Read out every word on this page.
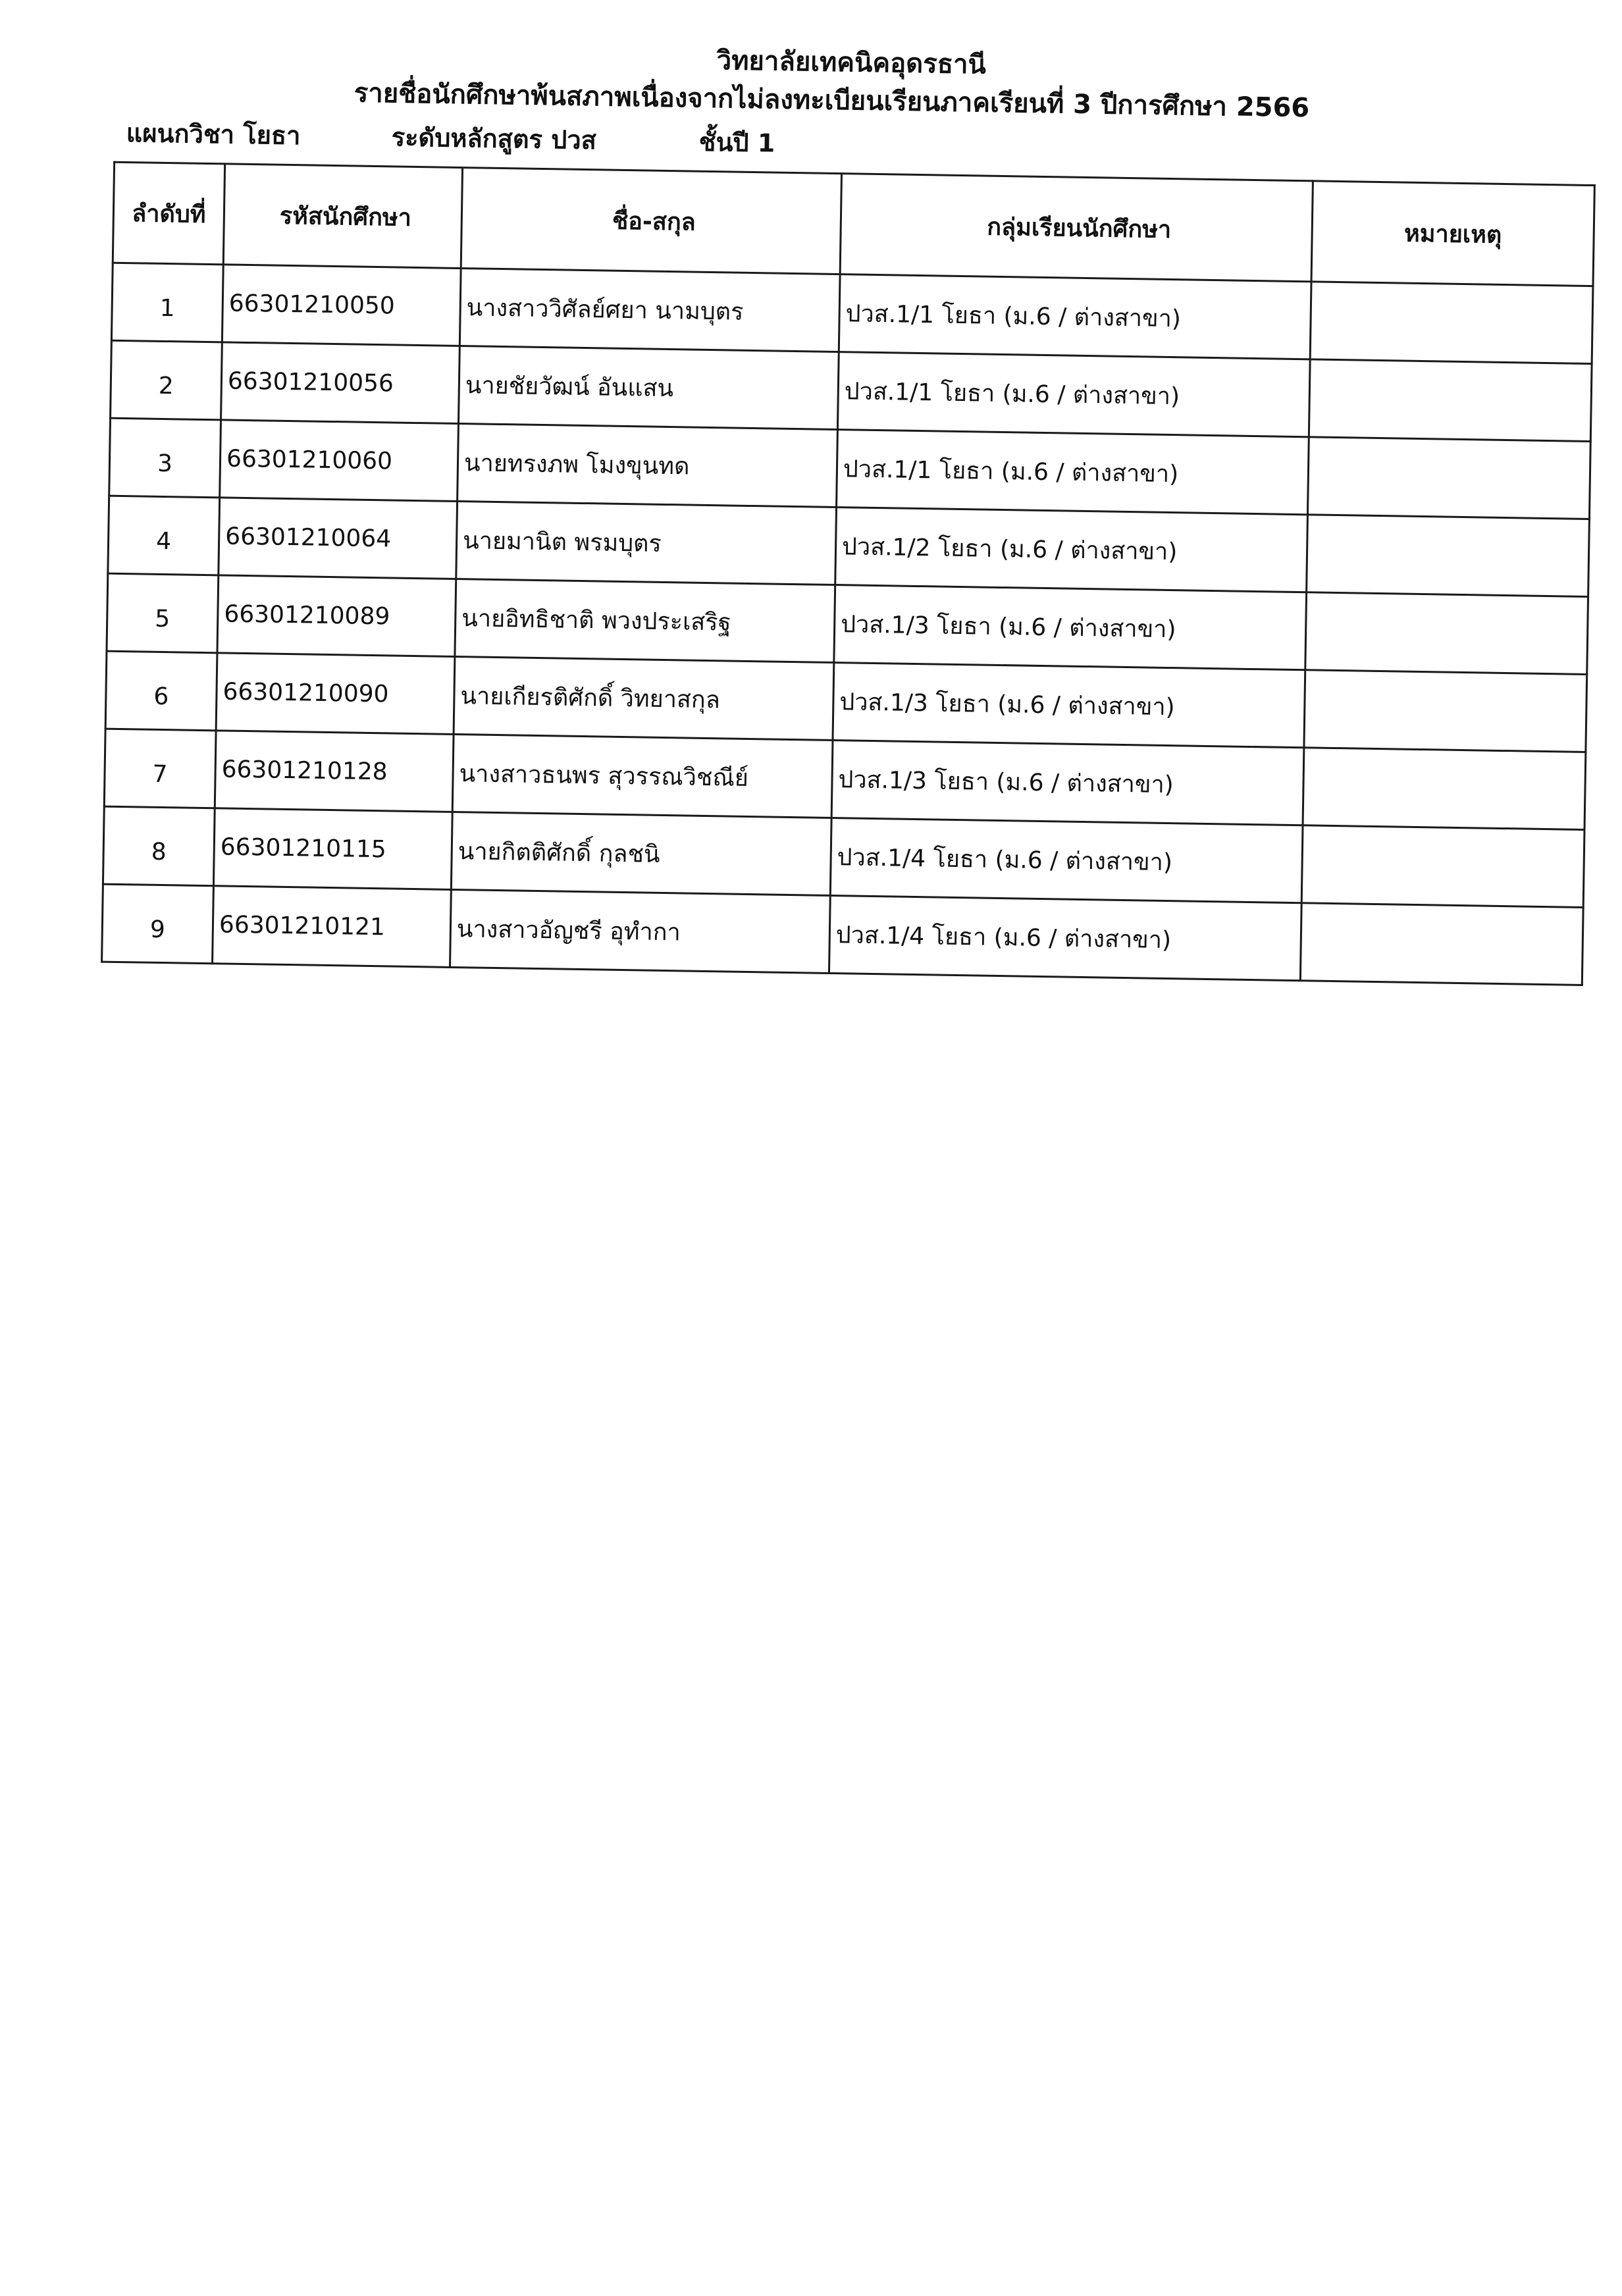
วิทยาลัยเทคนิคอุดรธานี
รายชื่อนักศึกษาพ้นสภาพเนื่องจากไม่ลงทะเบียนเรียนภาคเรียนที่ 3 ปีการศึกษา 2566
แผนกวิชา โยธา	ระดับหลักสูตร ปวส	ชั้นปี 1
ลำดับที่	รหัสนักศึกษา	ชื่อ-สกุล	กลุ่มเรียนนักศึกษา	หมายเหตุ
1	66301210050	นางสาววิศัลย์ศยา นามบุตร	ปวส.1/1 โยธา (ม.6 / ต่างสาขา)	
2	66301210056	นายชัยวัฒน์ อันแสน	ปวส.1/1 โยธา (ม.6 / ต่างสาขา)	
3	66301210060	นายทรงภพ โมงขุนทด	ปวส.1/1 โยธา (ม.6 / ต่างสาขา)	
4	66301210064	นายมานิต พรมบุตร	ปวส.1/2 โยธา (ม.6 / ต่างสาขา)	
5	66301210089	นายอิทธิชาติ พวงประเสริฐ	ปวส.1/3 โยธา (ม.6 / ต่างสาขา)	
6	66301210090	นายเกียรติศักดิ์ วิทยาสกุล	ปวส.1/3 โยธา (ม.6 / ต่างสาขา)	
7	66301210128	นางสาวธนพร สุวรรณวิชณีย์	ปวส.1/3 โยธา (ม.6 / ต่างสาขา)	
8	66301210115	นายกิตติศักดิ์ กุลชนิ	ปวส.1/4 โยธา (ม.6 / ต่างสาขา)	
9	66301210121	นางสาวอัญชรี อุทำกา	ปวส.1/4 โยธา (ม.6 / ต่างสาขา)	
